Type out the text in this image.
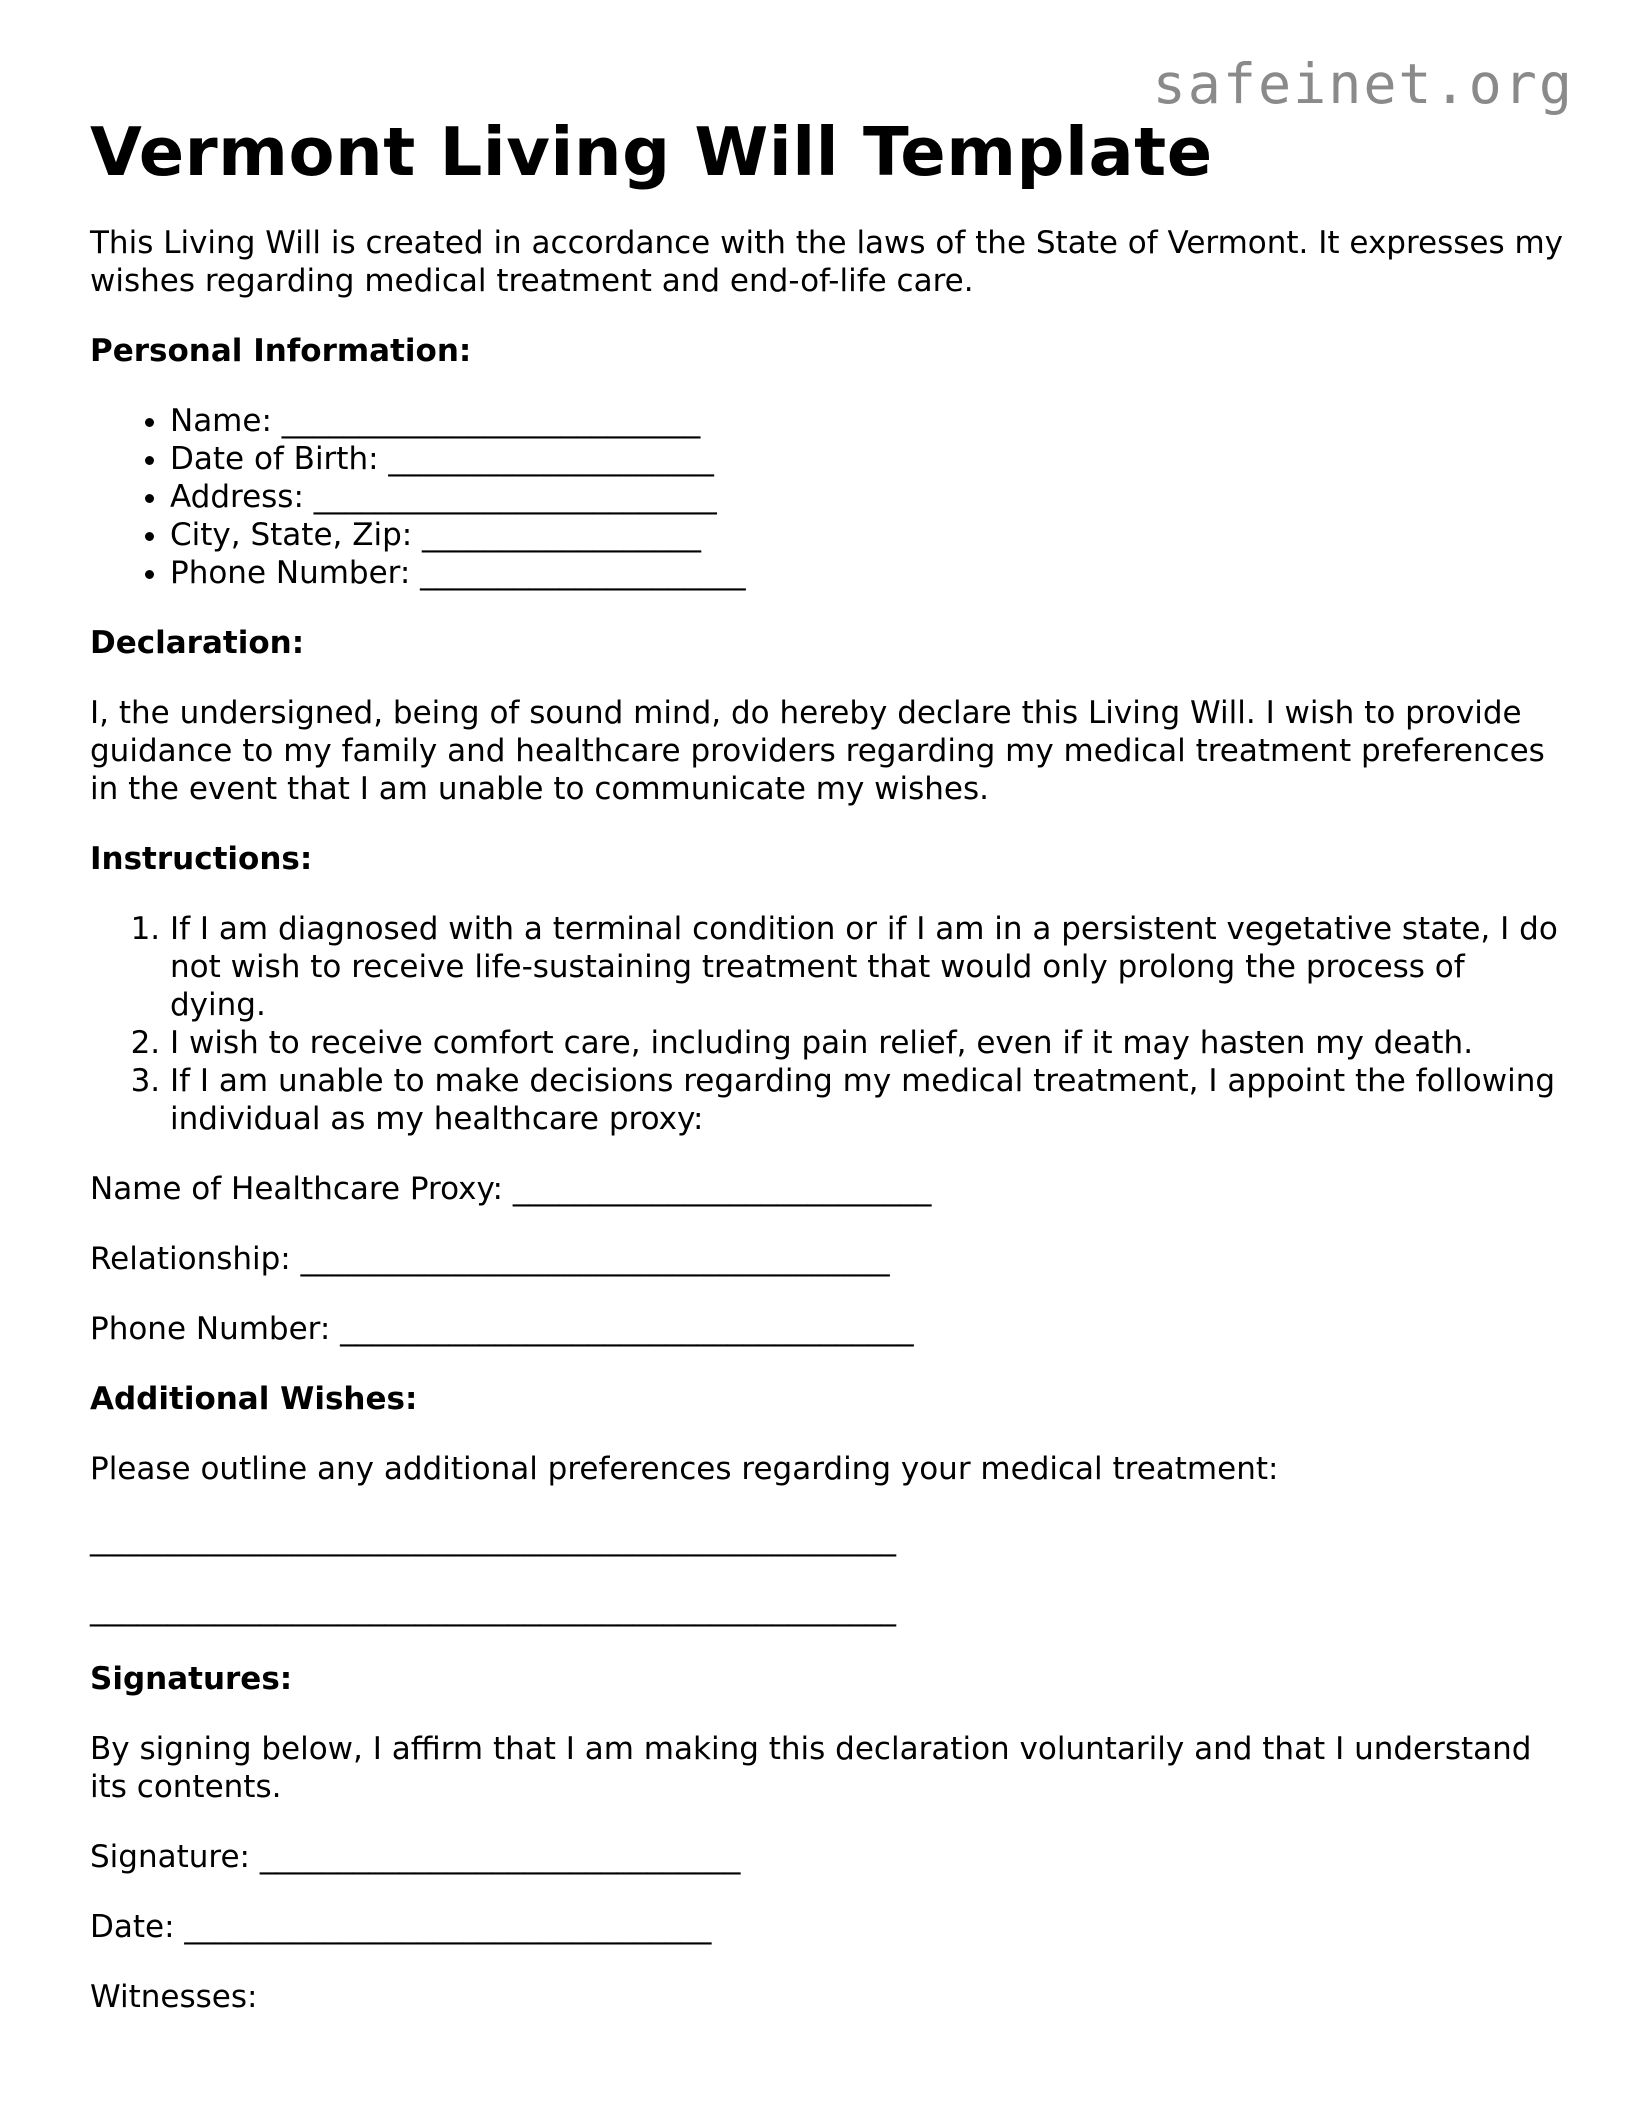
safeinet.org
Vermont Living Will Template

This Living Will is created in accordance with the laws of the State of Vermont. It expresses my wishes regarding medical treatment and end-of-life care.

Personal Information:

• Name: ___________________________
• Date of Birth: _____________________
• Address: __________________________
• City, State, Zip: __________________
• Phone Number: _____________________

Declaration:

I, the undersigned, being of sound mind, do hereby declare this Living Will. I wish to provide guidance to my family and healthcare providers regarding my medical treatment preferences in the event that I am unable to communicate my wishes.

Instructions:

1. If I am diagnosed with a terminal condition or if I am in a persistent vegetative state, I do not wish to receive life-sustaining treatment that would only prolong the process of dying.
2. I wish to receive comfort care, including pain relief, even if it may hasten my death.
3. If I am unable to make decisions regarding my medical treatment, I appoint the following individual as my healthcare proxy:

Name of Healthcare Proxy: ___________________________

Relationship: ______________________________________

Phone Number: _____________________________________

Additional Wishes:

Please outline any additional preferences regarding your medical treatment:

____________________________________________________

____________________________________________________

Signatures:

By signing below, I affirm that I am making this declaration voluntarily and that I understand its contents.

Signature: _______________________________

Date: __________________________________

Witnesses:
